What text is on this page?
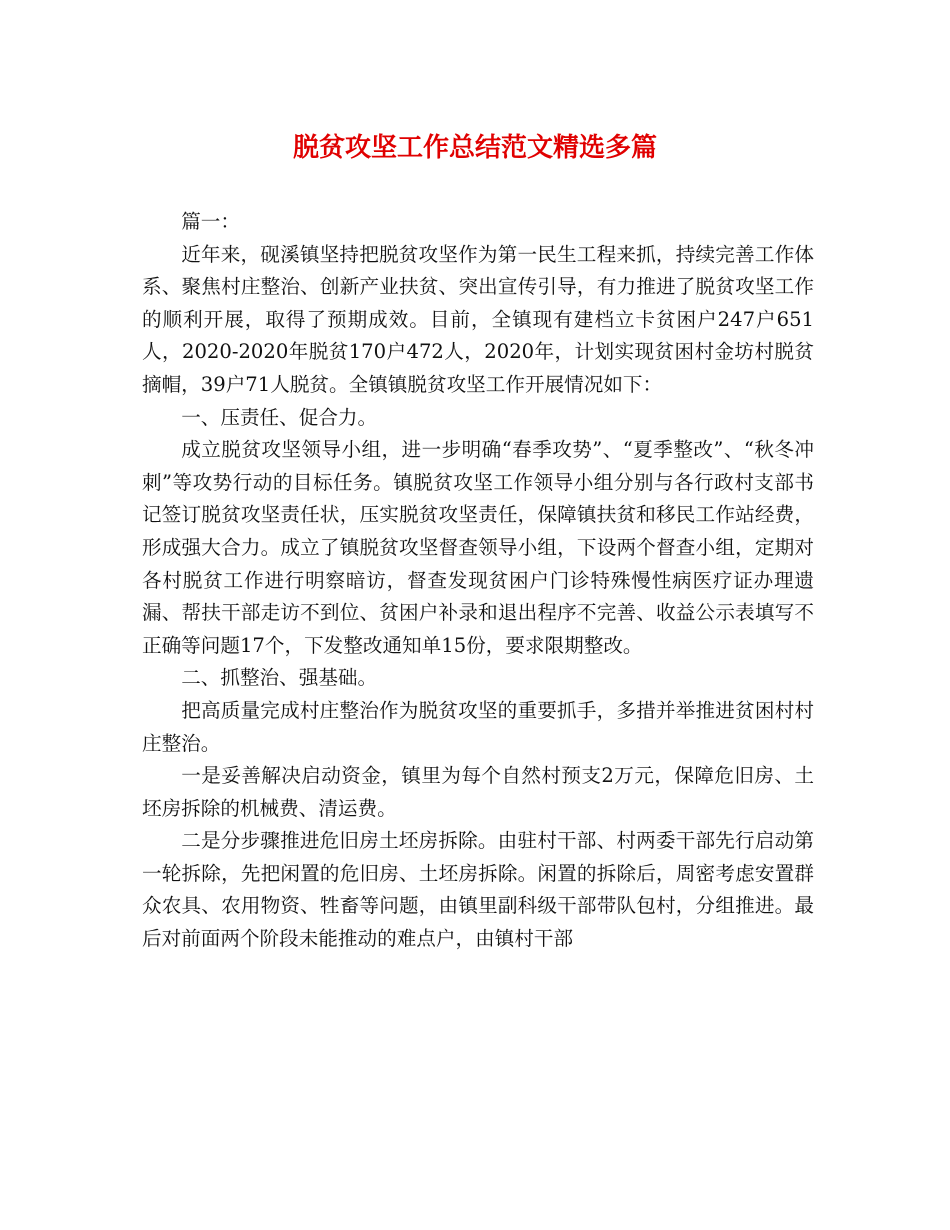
脱贫攻坚工作总结范文精选多篇

篇一：

近年来，砚溪镇坚持把脱贫攻坚作为第一民生工程来抓，持续完善工作体系、聚焦村庄整治、创新产业扶贫、突出宣传引导，有力推进了脱贫攻坚工作的顺利开展，取得了预期成效。目前，全镇现有建档立卡贫困户247户651人，2020-2020年脱贫170户472人，2020年，计划实现贫困村金坊村脱贫摘帽，39户71人脱贫。全镇镇脱贫攻坚工作开展情况如下：

一、压责任、促合力。

成立脱贫攻坚领导小组，进一步明确“春季攻势”、“夏季整改”、“秋冬冲刺”等攻势行动的目标任务。镇脱贫攻坚工作领导小组分别与各行政村支部书记签订脱贫攻坚责任状，压实脱贫攻坚责任，保障镇扶贫和移民工作站经费，形成强大合力。成立了镇脱贫攻坚督查领导小组，下设两个督查小组，定期对各村脱贫工作进行明察暗访，督查发现贫困户门诊特殊慢性病医疗证办理遗漏、帮扶干部走访不到位、贫困户补录和退出程序不完善、收益公示表填写不正确等问题17个，下发整改通知单15份，要求限期整改。

二、抓整治、强基础。

把高质量完成村庄整治作为脱贫攻坚的重要抓手，多措并举推进贫困村村庄整治。

一是妥善解决启动资金，镇里为每个自然村预支2万元，保障危旧房、土坯房拆除的机械费、清运费。

二是分步骤推进危旧房土坯房拆除。由驻村干部、村两委干部先行启动第一轮拆除，先把闲置的危旧房、土坯房拆除。闲置的拆除后，周密考虑安置群众农具、农用物资、牲畜等问题，由镇里副科级干部带队包村，分组推进。最后对前面两个阶段未能推动的难点户，由镇村干部
